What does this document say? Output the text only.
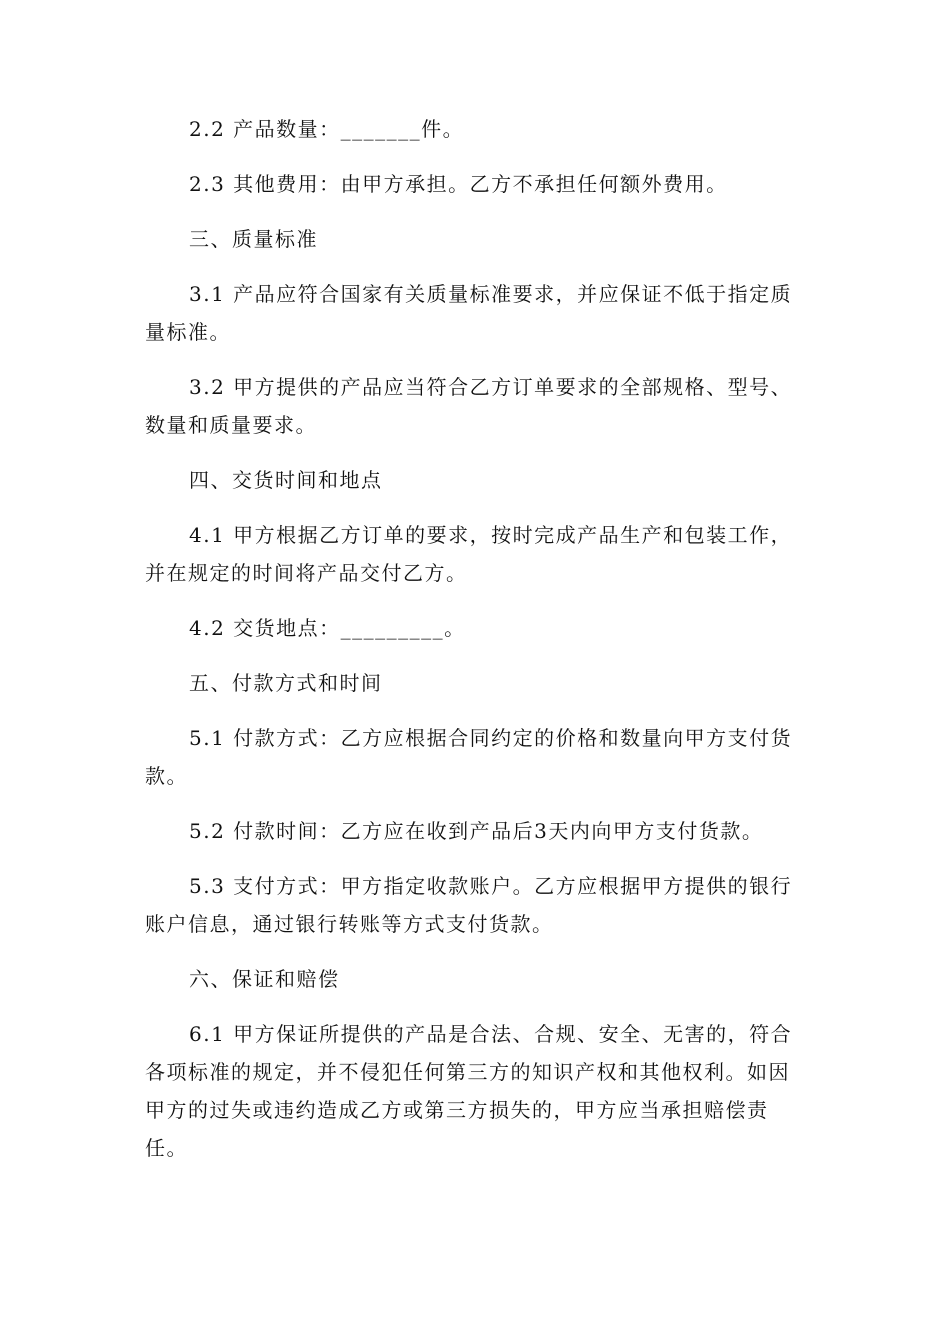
2.2 产品数量：_______件。

2.3 其他费用：由甲方承担。乙方不承担任何额外费用。

三、质量标准

3.1 产品应符合国家有关质量标准要求，并应保证不低于指定质量标准。

3.2 甲方提供的产品应当符合乙方订单要求的全部规格、型号、数量和质量要求。

四、交货时间和地点

4.1 甲方根据乙方订单的要求，按时完成产品生产和包装工作，并在规定的时间将产品交付乙方。

4.2 交货地点：_________。

五、付款方式和时间

5.1 付款方式：乙方应根据合同约定的价格和数量向甲方支付货款。

5.2 付款时间：乙方应在收到产品后3天内向甲方支付货款。

5.3 支付方式：甲方指定收款账户。乙方应根据甲方提供的银行账户信息，通过银行转账等方式支付货款。

六、保证和赔偿

6.1 甲方保证所提供的产品是合法、合规、安全、无害的，符合各项标准的规定，并不侵犯任何第三方的知识产权和其他权利。如因甲方的过失或违约造成乙方或第三方损失的，甲方应当承担赔偿责任。
